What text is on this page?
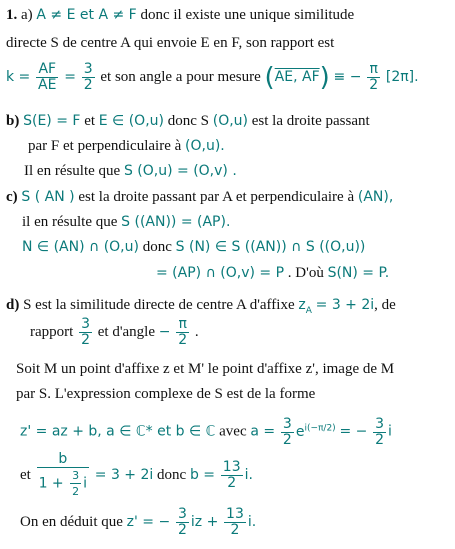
1. a) A ≠ E et A ≠ F donc il existe une unique similitude
directe S de centre A qui envoie E en F, son rapport est
$k = \frac{AF}{AE} = \frac{3}{2}$ et son angle a pour mesure (AE, AF) ≡ − $\frac{\pi}{2} [2\pi]$.
b) S(E) = F et E ∈ (O,u) donc S (O,u) est la droite passant
par F et perpendiculaire à (O,u).
Il en résulte que S (O,u) = (O,v) .
c) S ( AN ) est la droite passant par A et perpendiculaire à (AN),
il en résulte que S ((AN)) = (AP).
N ∈ (AN) ∩ (O,u) donc S (N) ∈ S ((AN)) ∩ S ((O,u))
= (AP) ∩ (O,v) = P . D'où S(N) = P.
d) S est la similitude directe de centre A d'affixe $z_A = 3 + 2i$, de
rapport $\frac{3}{2}$ et d'angle − $\frac{\pi}{2}$ .
Soit M un point d'affixe z et M' le point d'affixe z', image de M
par S. L'expression complexe de S est de la forme
z' = az + b, a ∈ ℂ* et b ∈ ℂ avec $a = \frac{3}{2} e^{i(-\pi/2)}$ = − $\frac{3}{2}$ i
et $\frac{b}{1 + \frac{3}{2} i} = 3 + 2i$ donc $b = \frac{13}{2} i$.
On en déduit que z' = − $\frac{3}{2}$ iz + $\frac{13}{2} i$.
